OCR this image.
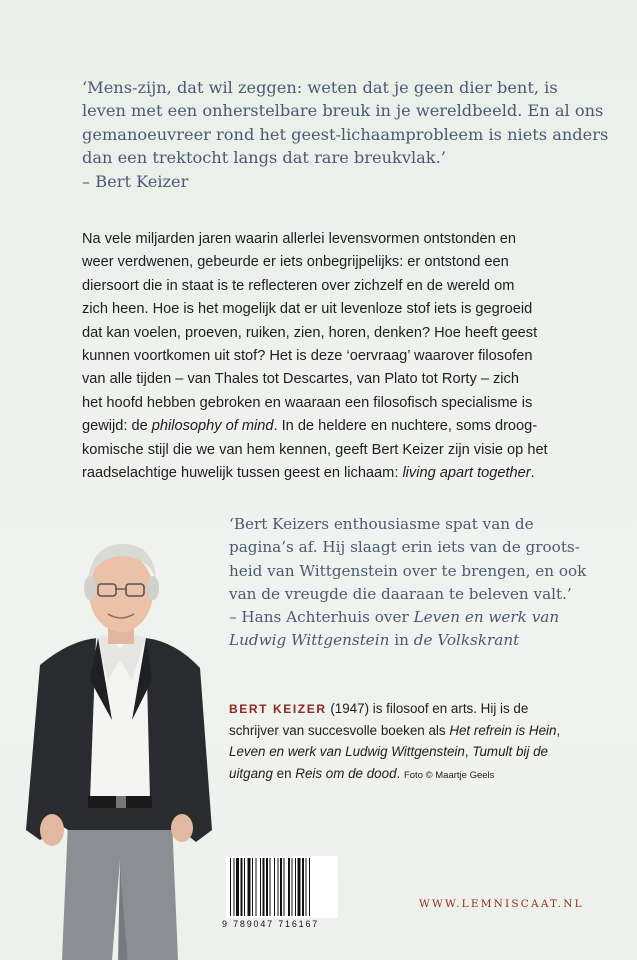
‘Mens-zijn, dat wil zeggen: weten dat je geen dier bent, is
leven met een onherstelbare breuk in je wereldbeeld. En al ons
gemanoeuvreer rond het geest-lichaamprobleem is niets anders
dan een trektocht langs dat rare breukvlak.’
– Bert Keizer
Na vele miljarden jaren waarin allerlei levensvormen ontstonden en
weer verdwenen, gebeurde er iets onbegrijpelijks: er ontstond een
diersoort die in staat is te reflecteren over zichzelf en de wereld om
zich heen. Hoe is het mogelijk dat er uit levenloze stof iets is gegroeid
dat kan voelen, proeven, ruiken, zien, horen, denken? Hoe heeft geest
kunnen voortkomen uit stof? Het is deze ‘oervraag’ waarover filosofen
van alle tijden – van Thales tot Descartes, van Plato tot Rorty – zich
het hoofd hebben gebroken en waaraan een filosofisch specialisme is
gewijd: de philosophy of mind. In de heldere en nuchtere, soms droog-
komische stijl die we van hem kennen, geeft Bert Keizer zijn visie op het
raadselachtige huwelijk tussen geest en lichaam: living apart together.
‘Bert Keizers enthousiasme spat van de
pagina’s af. Hij slaagt erin iets van de groots-
heid van Wittgenstein over te brengen, en ook
van de vreugde die daaraan te beleven valt.’
– Hans Achterhuis over Leven en werk van
Ludwig Wittgenstein in de Volkskrant
BERT KEIZER (1947) is filosoof en arts. Hij is de
schrijver van succesvolle boeken als Het refrein is Hein,
Leven en werk van Ludwig Wittgenstein, Tumult bij de
uitgang en Reis om de dood. Foto © Maartje Geels
9 789047 716167
WWW.LEMNISCAAT.NL
